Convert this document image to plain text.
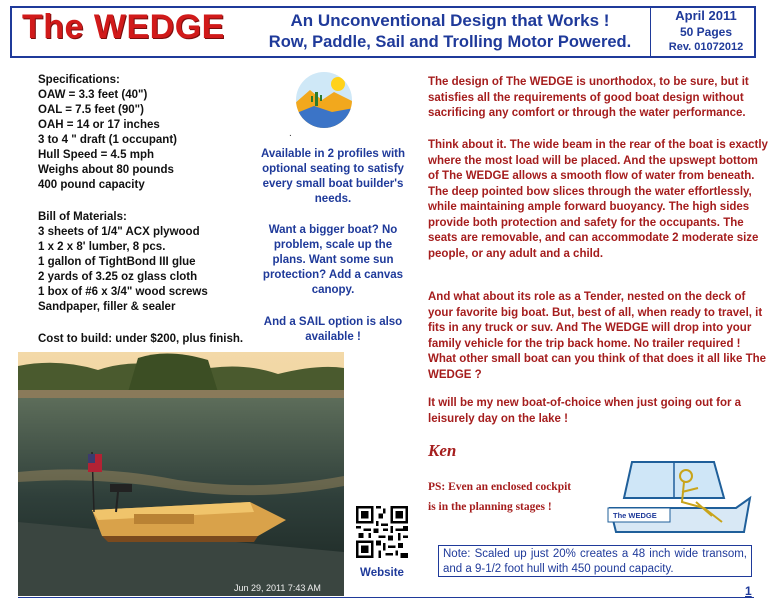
The WEDGE	An Unconventional Design that Works !
Row, Paddle, Sail and Trolling Motor Powered.
April 2011
50 Pages
Rev. 01072012
Specifications:
OAW = 3.3 feet (40")
OAL = 7.5 feet (90")
OAH = 14 or 17 inches
3 to 4 " draft (1 occupant)
Hull Speed = 4.5 mph
Weighs about 80 pounds
400 pound capacity
Bill of Materials:
3 sheets of 1/4" ACX plywood
1 x 2 x 8' lumber, 8 pcs.
1 gallon of TightBond III glue
2 yards of 3.25 oz glass cloth
1 box of #6 x 3/4" wood screws
Sandpaper, filler & sealer
Cost to build: under $200, plus finish.
.
Available in 2 profiles with optional seating to satisfy every small boat builder's needs.
Want a bigger boat? No problem, scale up the plans. Want some sun protection? Add a canvas canopy.
And a SAIL option is also available !
Jun 29, 2011 7:43 AM
Website
The design of The WEDGE is unorthodox, to be sure, but it satisfies all the requirements of good boat design without sacrificing any comfort or through the water performance.
Think about it. The wide beam in the rear of the boat is exactly where the most load will be placed. And the upswept bottom of The WEDGE allows a smooth flow of water from beneath. The deep pointed bow slices through the water effortlessly, while maintaining ample forward buoyancy. The high sides provide both protection and safety for the occupants. The seats are removable, and can accommodate 2 moderate size people, or any adult and a child.
And what about its role as a Tender, nested on the deck of your favorite big boat. But, best of all, when ready to travel, it fits in any truck or suv. And The WEDGE will drop into your family vehicle for the trip back home. No trailer required ! What other small boat can you think of that does it all like The WEDGE ?
It will be my new boat-of-choice when just going out for a leisurely day on the lake !
Ken
PS: Even an enclosed cockpit
is in the planning stages !
The WEDGE
Note: Scaled up just 20% creates a 48 inch wide transom, and a 9-1/2 foot hull with 450 pound capacity.
1
